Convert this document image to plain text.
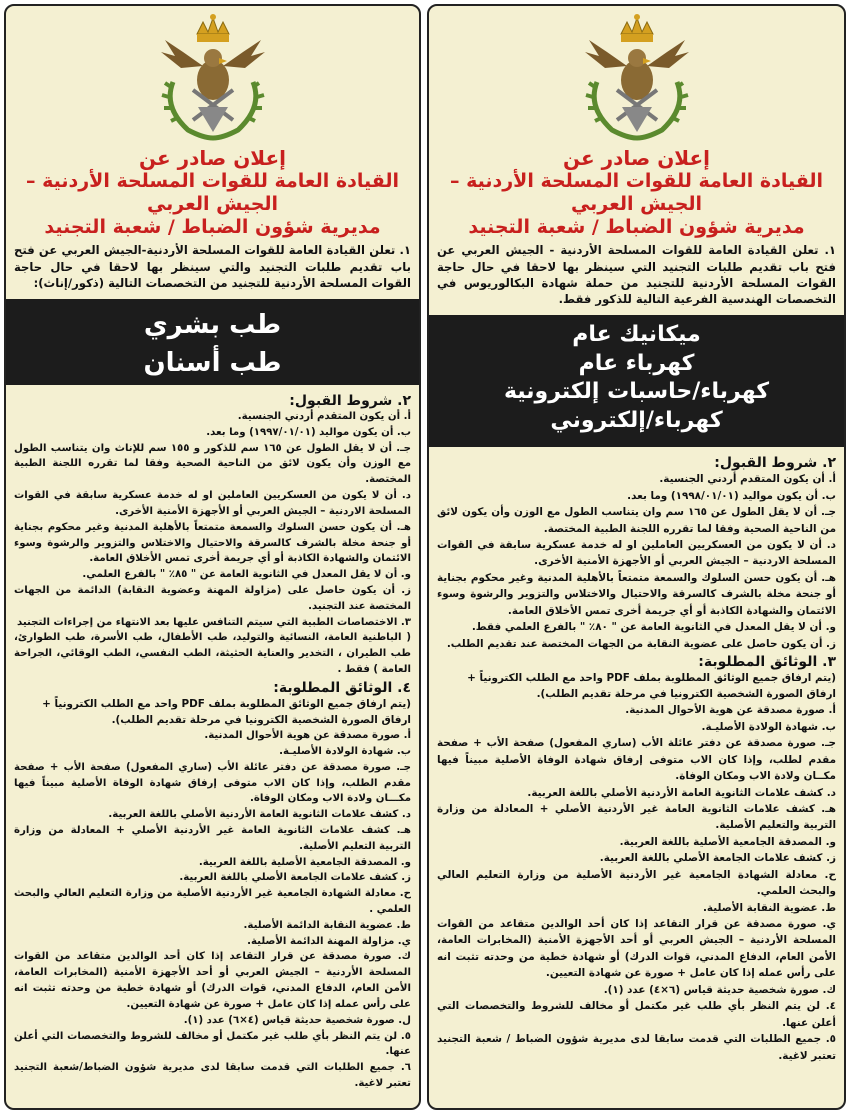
إعلان صادر عن
القيادة العامة للقوات المسلحة الأردنية – الجيش العربي
مديرية شؤون الضباط / شعبة التجنيد

١. تعلن القيادة العامة للقوات المسلحة الأردنية-الجيش العربي عن فتح باب تقديم طلبات التجنيد والتي سينظر بها لاحقا في حال حاجة القوات المسلحة الأردنية للتجنيد من التخصصات التالية (ذكور/إناث):

طب بشري
طب أسنان
٢. شروط القبول:
أ. أن يكون المتقدم أردني الجنسية.
ب. أن يكون مواليد (١٩٩٧/٠١/٠١) وما بعد.
جـ. أن لا يقل الطول عن ١٦٥ سم للذكور و ١٥٥ سم للإناث وان يتناسب الطول مع الوزن وأن يكون لائق من الناحية الصحية وفقا لما تقرره اللجنة الطبية المختصة.
د. أن لا يكون من العسكريين العاملين او له خدمة عسكرية سابقة في القوات المسلحة الاردنية – الجيش العربي أو الأجهزة الأمنية الأخرى.
هـ. أن يكون حسن السلوك والسمعة متمتعاً بالأهلية المدنية وغير محكوم بجناية أو جنحة مخلة بالشرف كالسرقة والاحتيال والاختلاس والتزوير والرشوة وسوء الائتمان والشهادة الكاذبة أو أي جريمة أخرى تمس الأخلاق العامة.
و. أن لا يقل المعدل في الثانوية العامة عن " ٨٥٪ " بالفرع العلمي.
ز. أن يكون حاصل على (مزاولة المهنة وعضوية النقابة) الدائمة من الجهات المختصة عند التجنيد.
٣. الاختصاصات الطبية التي سيتم التنافس عليها بعد الانتهاء من إجراءات التجنيد
( الباطنية العامة، النسائية والتوليد، طب الأطفال، طب الأسرة، طب الطوارئ، طب الطيران ، التخدير والعناية الحثيثة، الطب النفسي، الطب الوقائي، الجراحة العامة ) فقط .
٤. الوثائق المطلوبة:
(يتم ارفاق جميع الوثائق المطلوبة بملف PDF واحد مع الطلب الكترونياً + ارفاق الصورة الشخصية الكترونيا في مرحلة تقديم الطلب).
أ. صورة مصدقة عن هوية الأحوال المدنية.
ب. شهادة الولادة الأصليـة.
جـ. صورة مصدقة عن دفتر عائلة الأب (ساري المفعول) صفحة الأب + صفحة مقدم الطلب، وإذا كان الاب متوفى إرفاق شهادة الوفاة الأصلية مبيناً فيها مكـــان ولادة الاب ومكان الوفاة.
د. كشف علامات الثانوية العامة الأردنية الأصلي باللغة العربية.
هـ. كشف علامات الثانوية العامة غير الأردنية الأصلي + المعادلة من وزارة التربية التعليم الأصلية.
و. المصدقة الجامعية الأصلية باللغة العربية.
ز. كشف علامات الجامعة الأصلي باللغة العربية.
ح. معادلة الشهادة الجامعية غير الأردنية الأصلية من وزارة التعليم العالي والبحث العلمي .
ط. عضوية النقابة الدائمة الأصلية.
ي. مزاولة المهنة الدائمة الأصلية.
ك. صورة مصدقة عن قرار التقاعد إذا كان أحد الوالدين متقاعد من القوات المسلحة الأردنية – الجيش العربي أو أحد الأجهزة الأمنية (المخابرات العامة، الأمن العام، الدفاع المدني، قوات الدرك) أو شهادة خطية من وحدته تثبت انه على رأس عمله إذا كان عامل + صورة عن شهادة التعيين.
ل. صورة شخصية حديثة قياس (٤×٦) عدد (١).
٥. لن يتم النظر بأي طلب غير مكتمل أو مخالف للشروط والتخصصات التي أعلن عنها.
٦. جميع الطلبات التي قدمت سابقا لدى مديرية شؤون الضباط/شعبة التجنيد تعتبر لاغية.
إعلان صادر عن
القيادة العامة للقوات المسلحة الأردنية – الجيش العربي
مديرية شؤون الضباط / شعبة التجنيد

١. تعلن القيادة العامة للقوات المسلحة الأردنية - الجيش العربي عن فتح باب تقديم طلبات التجنيد التي سينظر بها لاحقا في حال حاجة القوات المسلحة الأردنية للتجنيد من حملة شهادة البكالوريوس في التخصصات الهندسية الفرعية التالية للذكور فقط.

ميكانيك عام
كهرباء عام
كهرباء/حاسبات إلكترونية
كهرباء/إلكتروني
٢. شروط القبول:
أ. أن يكون المتقدم أردني الجنسية.
ب. أن يكون مواليد (١٩٩٨/٠١/٠١) وما بعد.
جـ. أن لا يقل الطول عن ١٦٥ سم وان يتناسب الطول مع الوزن وأن يكون لائق من الناحية الصحية وفقا لما تقرره اللجنة الطبية المختصة.
د. أن لا يكون من العسكريين العاملين او له خدمة عسكرية سابقة في القوات المسلحة الاردنية – الجيش العربي أو الأجهزة الأمنية الأخرى.
هـ. أن يكون حسن السلوك والسمعة متمتعاً بالأهلية المدنية وغير محكوم بجناية أو جنحة مخلة بالشرف كالسرقة والاحتيال والاختلاس والتزوير والرشوة وسوء الائتمان والشهادة الكاذبة أو أي جريمة أخرى تمس الأخلاق العامة.
و. أن لا يقل المعدل في الثانوية العامة عن " ٨٠٪ " بالفرع العلمي فقط.
ز. أن يكون حاصل على عضوية النقابة من الجهات المختصة عند تقديم الطلب.
٣. الوثائق المطلوبة:
(يتم ارفاق جميع الوثائق المطلوبة بملف PDF واحد مع الطلب الكترونياً + ارفاق الصورة الشخصية الكترونيا في مرحلة تقديم الطلب).
أ. صورة مصدقة عن هوية الأحوال المدنية.
ب. شهادة الولادة الأصليـة.
جـ. صورة مصدقة عن دفتر عائلة الأب (ساري المفعول) صفحة الأب + صفحة مقدم لطلب، وإذا كان الاب متوفى إرفاق شهادة الوفاة الأصلية مبيناً فيها مكــان ولادة الاب ومكان الوفاة.
د. كشف علامات الثانوية العامة الأردنية الأصلي باللغة العربية.
هـ. كشف علامات الثانوية العامة غير الأردنية الأصلي + المعادلة من وزارة التربية والتعليم الأصلية.
و. المصدقة الجامعية الأصلية باللغة العربية.
ز. كشف علامات الجامعة الأصلي باللغة العربية.
ح. معادلة الشهادة الجامعية غير الأردنية الأصلية من وزارة التعليم العالي والبحث العلمي.
ط. عضوية النقابة الأصلية.
ي. صورة مصدقة عن قرار التقاعد إذا كان أحد الوالدين متقاعد من القوات المسلحة الأردنية – الجيش العربي أو أحد الأجهزة الأمنية (المخابرات العامة، الأمن العام، الدفاع المدني، قوات الدرك) أو شهادة خطية من وحدته تثبت انه على رأس عمله إذا كان عامل + صورة عن شهادة التعيين.
ك. صورة شخصية حديثة قياس (٦×٤) عدد (١).
٤. لن يتم النظر بأي طلب غير مكتمل أو مخالف للشروط والتخصصات التي أعلن عنها.
٥. جميع الطلبات التي قدمت سابقا لدى مديرية شؤون الضباط / شعبة التجنيد تعتبر لاغية.
